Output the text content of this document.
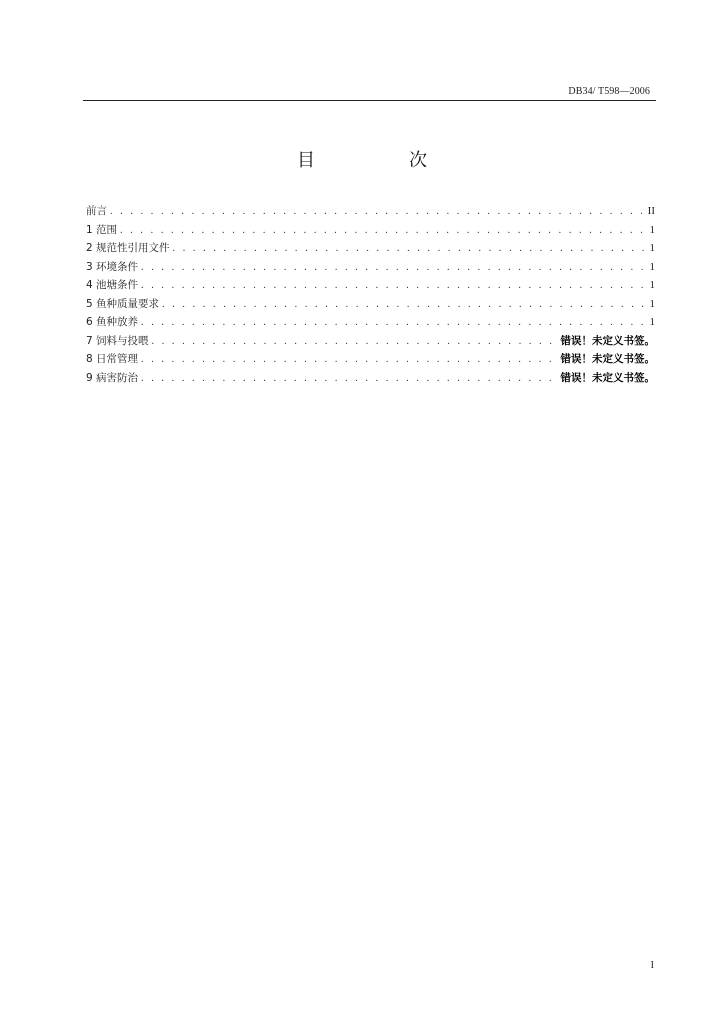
DB34/ T598—2006
目　次
前言 . . .	II
1 范围 . . .	1
2 规范性引用文件 . . .	1
3 环境条件 . . .	1
4 池塘条件 . . .	1
5 鱼种质量要求 . . .	1
6 鱼种放养 . . .	1
7 饲料与投喂 . . .	错误！未定义书签。
8 日常管理 . . .	错误！未定义书签。
9 病害防治 . . .	错误！未定义书签。
I
